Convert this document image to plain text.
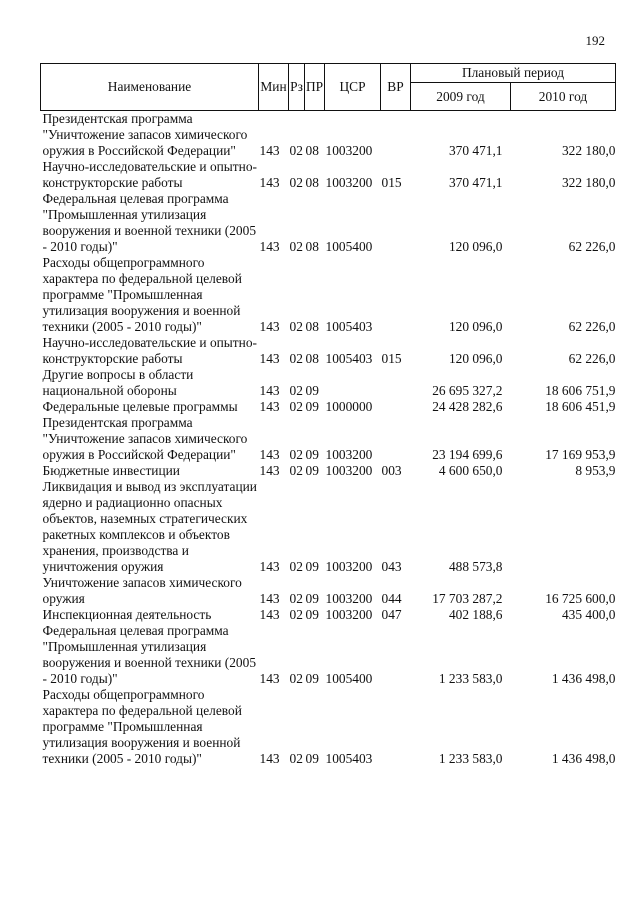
192
Наименование	Мин	Рз	ПР	ЦСР	ВР	Плановый период	
						2009 год	2010 год
Президентская программа "Уничтожение запасов химического оружия в Российской Федерации"	143	02	08	1003200		370 471,1	322 180,0
Научно-исследовательские и опытно-конструкторские работы	143	02	08	1003200	015	370 471,1	322 180,0
Федеральная целевая программа "Промышленная утилизация вооружения и военной техники (2005 - 2010 годы)"	143	02	08	1005400		120 096,0	62 226,0
Расходы общепрограммного характера по федеральной целевой программе "Промышленная утилизация вооружения и военной техники (2005 - 2010 годы)"	143	02	08	1005403		120 096,0	62 226,0
Научно-исследовательские и опытно-конструкторские работы	143	02	08	1005403	015	120 096,0	62 226,0
Другие вопросы в области национальной обороны	143	02	09			26 695 327,2	18 606 751,9
Федеральные целевые программы	143	02	09	1000000		24 428 282,6	18 606 451,9
Президентская программа "Уничтожение запасов химического оружия в Российской Федерации"	143	02	09	1003200		23 194 699,6	17 169 953,9
Бюджетные инвестиции	143	02	09	1003200	003	4 600 650,0	8 953,9
Ликвидация и вывод из эксплуатации ядерно и радиационно опасных объектов, наземных стратегических ракетных комплексов и объектов хранения, производства и уничтожения оружия	143	02	09	1003200	043	488 573,8	
Уничтожение запасов химического оружия	143	02	09	1003200	044	17 703 287,2	16 725 600,0
Инспекционная деятельность	143	02	09	1003200	047	402 188,6	435 400,0
Федеральная целевая программа "Промышленная утилизация вооружения и военной техники (2005 - 2010 годы)"	143	02	09	1005400		1 233 583,0	1 436 498,0
Расходы общепрограммного характера по федеральной целевой программе "Промышленная утилизация вооружения и военной техники (2005 - 2010 годы)"	143	02	09	1005403		1 233 583,0	1 436 498,0
